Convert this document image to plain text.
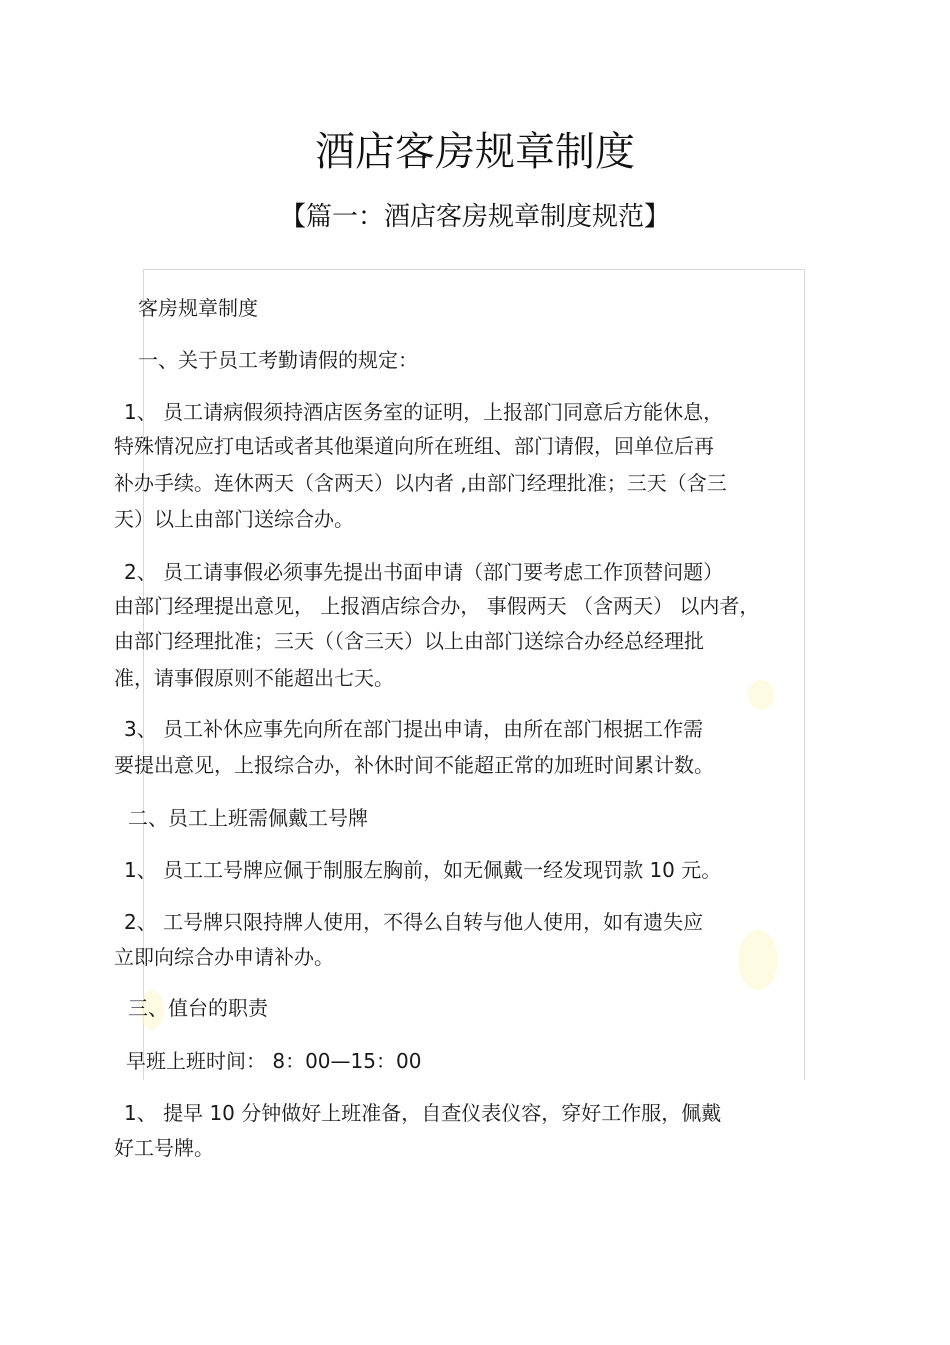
酒店客房规章制度
【篇一：酒店客房规章制度规范】
客房规章制度
一、关于员工考勤请假的规定：
1、 员工请病假须持酒店医务室的证明，上报部门同意后方能休息，
特殊情况应打电话或者其他渠道向所在班组、部门请假，回单位后再
补办手续。连休两天（含两天）以内者 ,由部门经理批准；三天（含三
天）以上由部门送综合办。
2、 员工请事假必须事先提出书面申请（部门要考虑工作顶替问题）
由部门经理提出意见， 上报酒店综合办， 事假两天 （含两天） 以内者，
由部门经理批准；三天（（含三天）以上由部门送综合办经总经理批
准，请事假原则不能超出七天。
3、 员工补休应事先向所在部门提出申请，由所在部门根据工作需
要提出意见，上报综合办，补休时间不能超正常的加班时间累计数。
二、员工上班需佩戴工号牌
1、 员工工号牌应佩于制服左胸前，如无佩戴一经发现罚款 10 元。
2、 工号牌只限持牌人使用，不得么自转与他人使用，如有遗失应
立即向综合办申请补办。
三、值台的职责
早班上班时间： 8：00—15：00
1、 提早 10 分钟做好上班准备，自查仪表仪容，穿好工作服，佩戴
好工号牌。
